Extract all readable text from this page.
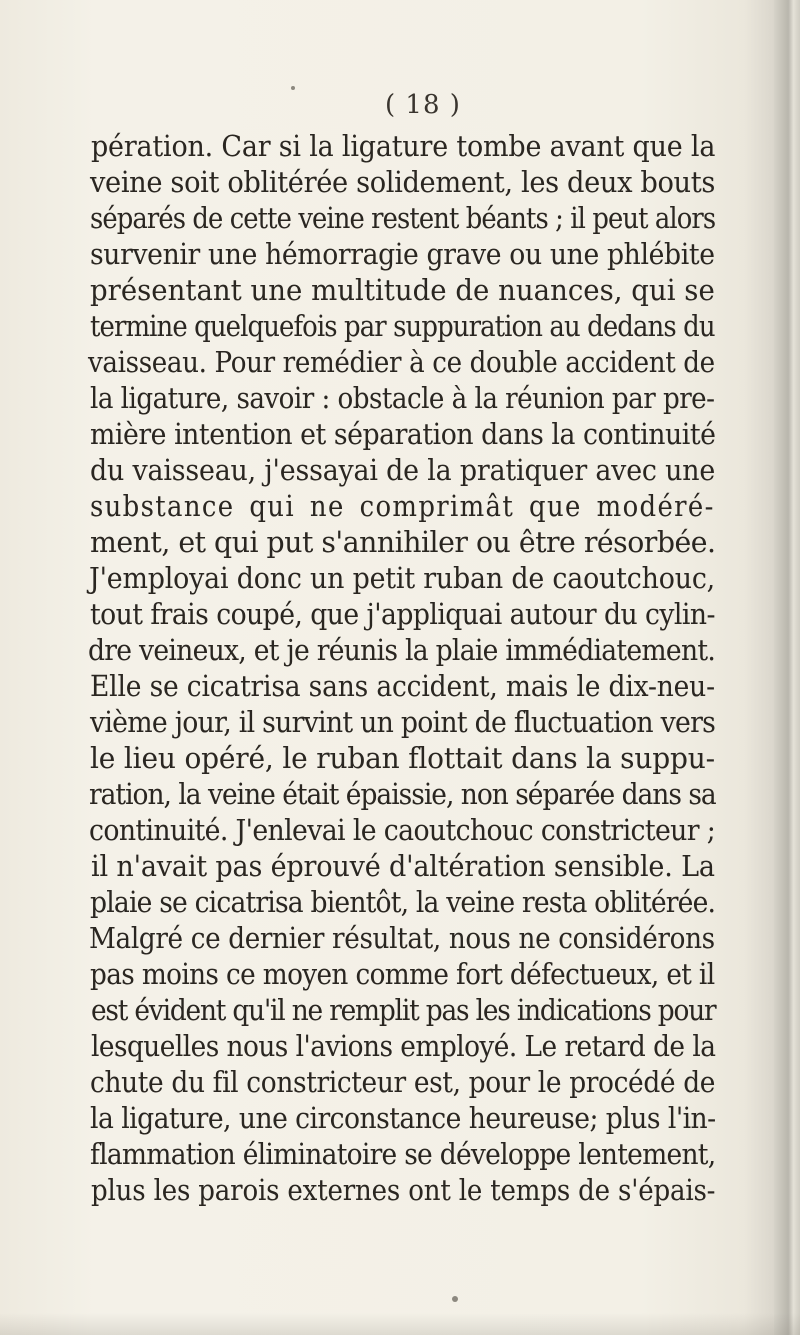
( 18 )
pération. Car si la ligature tombe avant que la
veine soit oblitérée solidement, les deux bouts
séparés de cette veine restent béants ; il peut alors
survenir une hémorragie grave ou une phlébite
présentant une multitude de nuances, qui se
termine quelquefois par suppuration au dedans du
vaisseau. Pour remédier à ce double accident de
la ligature, savoir : obstacle à la réunion par pre-
mière intention et séparation dans la continuité
du vaisseau, j'essayai de la pratiquer avec une
substance qui ne comprimât que modéré-
ment, et qui put s'annihiler ou être résorbée.
J'employai donc un petit ruban de caoutchouc,
tout frais coupé, que j'appliquai autour du cylin-
dre veineux, et je réunis la plaie immédiatement.
Elle se cicatrisa sans accident, mais le dix-neu-
vième jour, il survint un point de fluctuation vers
le lieu opéré, le ruban flottait dans la suppu-
ration, la veine était épaissie, non séparée dans sa
continuité. J'enlevai le caoutchouc constricteur ;
il n'avait pas éprouvé d'altération sensible. La
plaie se cicatrisa bientôt, la veine resta oblitérée.
Malgré ce dernier résultat, nous ne considérons
pas moins ce moyen comme fort défectueux, et il
est évident qu'il ne remplit pas les indications pour
lesquelles nous l'avions employé. Le retard de la
chute du fil constricteur est, pour le procédé de
la ligature, une circonstance heureuse; plus l'in-
flammation éliminatoire se développe lentement,
plus les parois externes ont le temps de s'épais-
